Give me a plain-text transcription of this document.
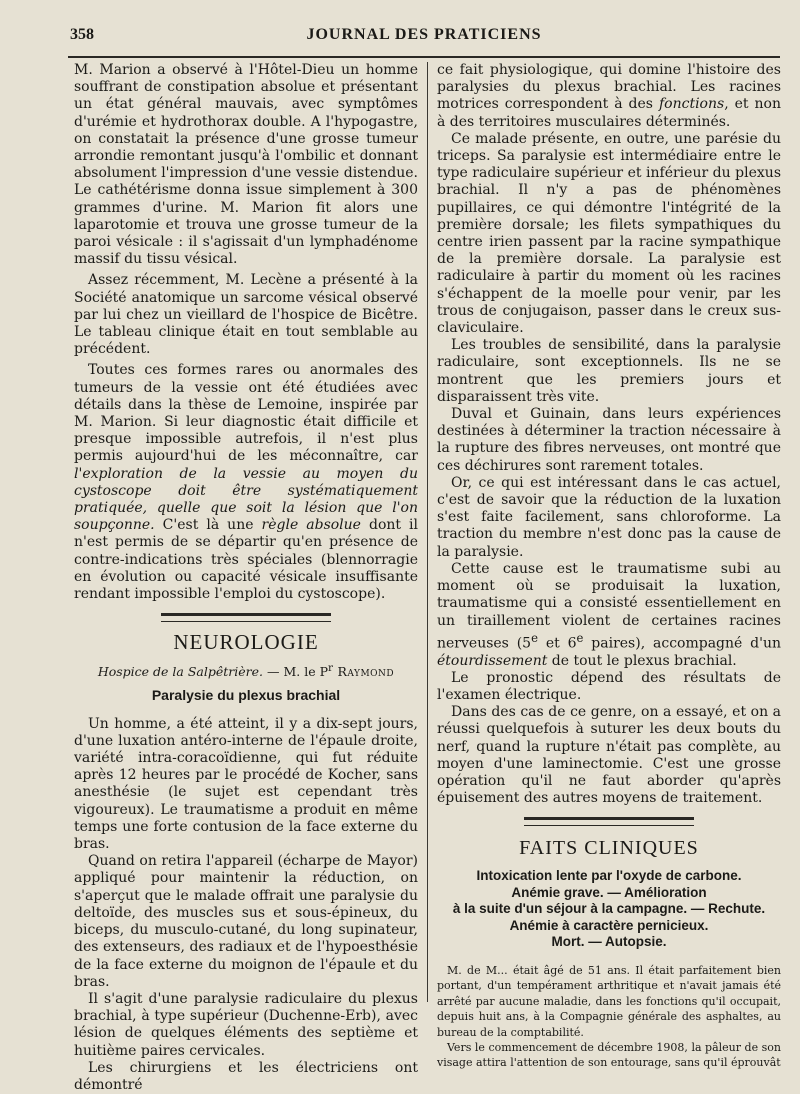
358	JOURNAL DES PRATICIENS

M. Marion a observé à l'Hôtel-Dieu un homme souffrant de constipation absolue et présentant un état général mauvais, avec symptômes d'urémie et hydrothorax double. A l'hypogastre, on constatait la présence d'une grosse tumeur arrondie remontant jusqu'à l'ombilic et donnant absolument l'impression d'une vessie distendue. Le cathétérisme donna issue simplement à 300 grammes d'urine. M. Marion fit alors une laparotomie et trouva une grosse tumeur de la paroi vésicale : il s'agissait d'un lymphadénome massif du tissu vésical.

Assez récemment, M. Lecène a présenté à la Société anatomique un sarcome vésical observé par lui chez un vieillard de l'hospice de Bicêtre. Le tableau clinique était en tout semblable au précédent.

Toutes ces formes rares ou anormales des tumeurs de la vessie ont été étudiées avec détails dans la thèse de Lemoine, inspirée par M. Marion. Si leur diagnostic était difficile et presque impossible autrefois, il n'est plus permis aujourd'hui de les méconnaître, car l'exploration de la vessie au moyen du cystoscope doit être systématiquement pratiquée, quelle que soit la lésion que l'on soupçonne. C'est là une règle absolue dont il n'est permis de se départir qu'en présence de contre-indications très spéciales (blennorragie en évolution ou capacité vésicale insuffisante rendant impossible l'emploi du cystoscope).

NEUROLOGIE
Hospice de la Salpêtrière. — M. le $P^r$ Raymond
Paralysie du plexus brachial

Un homme, a été atteint, il y a dix-sept jours, d'une luxation antéro-interne de l'épaule droite, variété intra-coracoïdienne, qui fut réduite après 12 heures par le procédé de Kocher, sans anesthésie (le sujet est cependant très vigoureux). Le traumatisme a produit en même temps une forte contusion de la face externe du bras.

Quand on retira l'appareil (écharpe de Mayor) appliqué pour maintenir la réduction, on s'aperçut que le malade offrait une paralysie du deltoïde, des muscles sus et sous-épineux, du biceps, du musculo-cutané, du long supinateur, des extenseurs, des radiaux et de l'hypoesthésie de la face externe du moignon de l'épaule et du bras.

Il s'agit d'une paralysie radiculaire du plexus brachial, à type supérieur (Duchenne-Erb), avec lésion de quelques éléments des septième et huitième paires cervicales.

Les chirurgiens et les électriciens ont démontré

ce fait physiologique, qui domine l'histoire des paralysies du plexus brachial. Les racines motrices correspondent à des fonctions, et non à des territoires musculaires déterminés.

Ce malade présente, en outre, une parésie du triceps. Sa paralysie est intermédiaire entre le type radiculaire supérieur et inférieur du plexus brachial. Il n'y a pas de phénomènes pupillaires, ce qui démontre l'intégrité de la première dorsale; les filets sympathiques du centre irien passent par la racine sympathique de la première dorsale. La paralysie est radiculaire à partir du moment où les racines s'échappent de la moelle pour venir, par les trous de conjugaison, passer dans le creux sus-claviculaire.

Les troubles de sensibilité, dans la paralysie radiculaire, sont exceptionnels. Ils ne se montrent que les premiers jours et disparaissent très vite.

Duval et Guinain, dans leurs expériences destinées à déterminer la traction nécessaire à la rupture des fibres nerveuses, ont montré que ces déchirures sont rarement totales.

Or, ce qui est intéressant dans le cas actuel, c'est de savoir que la réduction de la luxation s'est faite facilement, sans chloroforme. La traction du membre n'est donc pas la cause de la paralysie.

Cette cause est le traumatisme subi au moment où se produisait la luxation, traumatisme qui a consisté essentiellement en un tiraillement violent de certaines racines nerveuses (5e et 6e paires), accompagné d'un étourdissement de tout le plexus brachial.

Le pronostic dépend des résultats de l'examen électrique.

Dans des cas de ce genre, on a essayé, et on a réussi quelquefois à suturer les deux bouts du nerf, quand la rupture n'était pas complète, au moyen d'une laminectomie. C'est une grosse opération qu'il ne faut aborder qu'après épuisement des autres moyens de traitement.

FAITS CLINIQUES
Intoxication lente par l'oxyde de carbone.
Anémie grave. — Amélioration
à la suite d'un séjour à la campagne. — Rechute.
Anémie à caractère pernicieux.
Mort. — Autopsie.

M. de M... était âgé de 51 ans. Il était parfaitement bien portant, d'un tempérament arthritique et n'avait jamais été arrêté par aucune maladie, dans les fonctions qu'il occupait, depuis huit ans, à la Compagnie générale des asphaltes, au bureau de la comptabilité.

Vers le commencement de décembre 1908, la pâleur de son visage attira l'attention de son entourage, sans qu'il éprouvât
